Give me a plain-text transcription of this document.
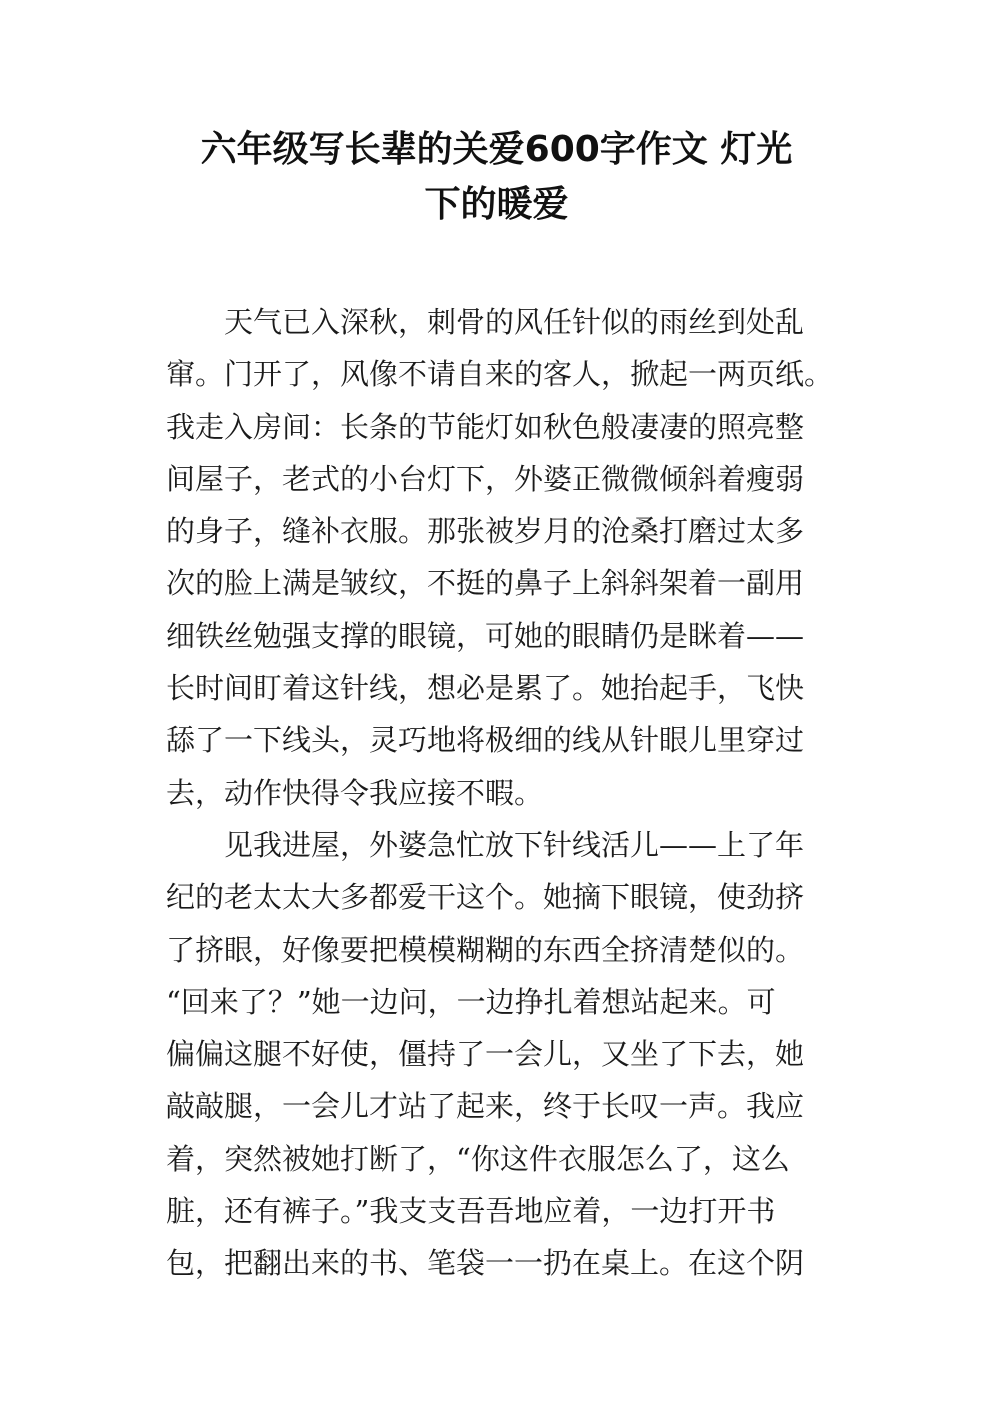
六年级写长辈的关爱600字作文 灯光
下的暖爱
天气已入深秋，刺骨的风任针似的雨丝到处乱
窜。门开了，风像不请自来的客人，掀起一两页纸。
我走入房间：长条的节能灯如秋色般凄凄的照亮整
间屋子，老式的小台灯下，外婆正微微倾斜着瘦弱
的身子，缝补衣服。那张被岁月的沧桑打磨过太多
次的脸上满是皱纹，不挺的鼻子上斜斜架着一副用
细铁丝勉强支撑的眼镜，可她的眼睛仍是眯着——
长时间盯着这针线，想必是累了。她抬起手，飞快
舔了一下线头，灵巧地将极细的线从针眼儿里穿过
去，动作快得令我应接不暇。
见我进屋，外婆急忙放下针线活儿——上了年
纪的老太太大多都爱干这个。她摘下眼镜，使劲挤
了挤眼，好像要把模模糊糊的东西全挤清楚似的。
“回来了？”她一边问，一边挣扎着想站起来。可
偏偏这腿不好使，僵持了一会儿，又坐了下去，她
敲敲腿，一会儿才站了起来，终于长叹一声。我应
着，突然被她打断了，“你这件衣服怎么了，这么
脏，还有裤子。”我支支吾吾地应着，一边打开书
包，把翻出来的书、笔袋一一扔在桌上。在这个阴
